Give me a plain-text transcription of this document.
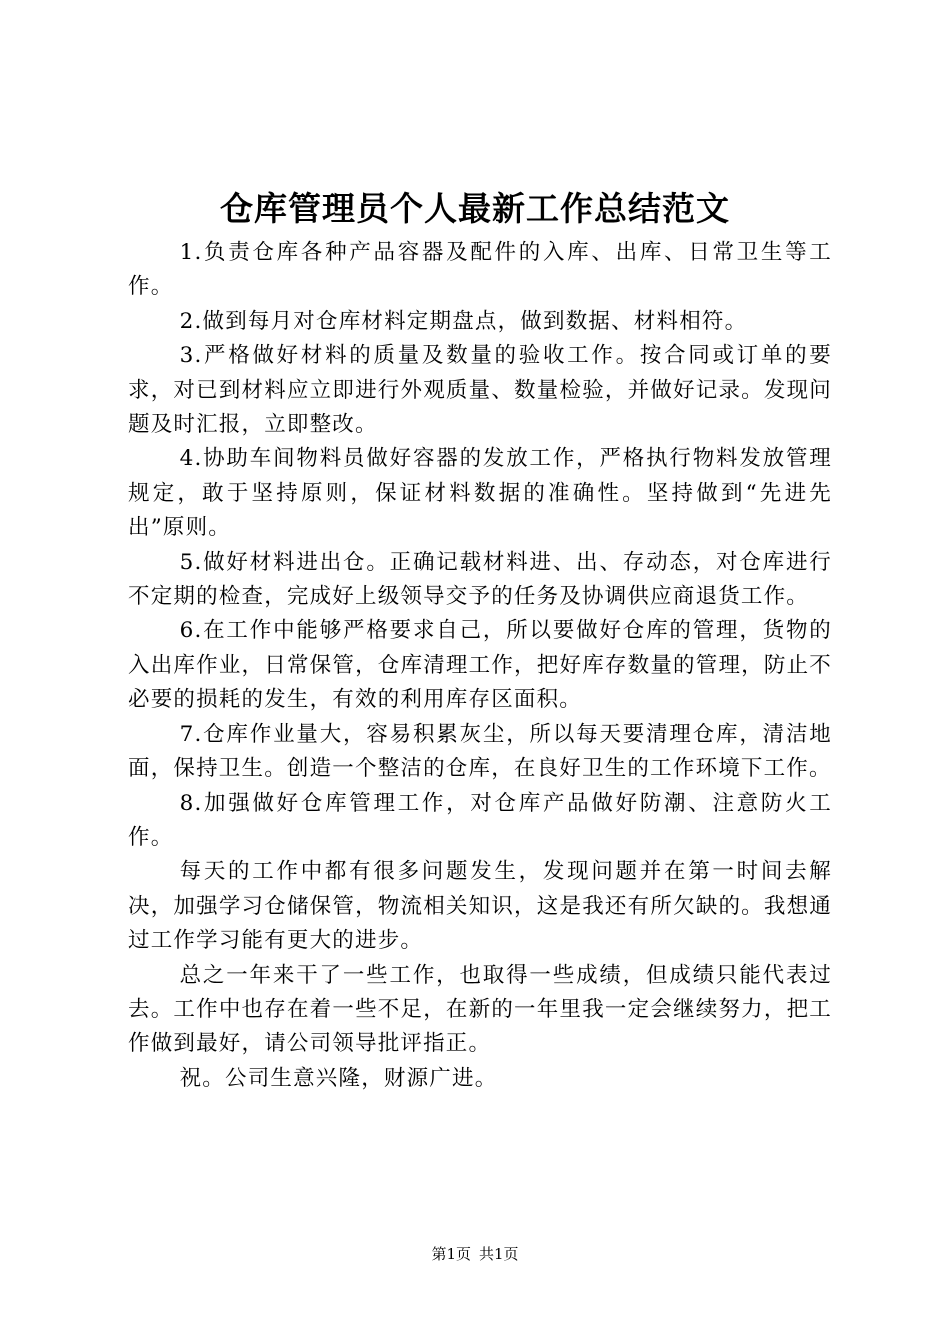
仓库管理员个人最新工作总结范文

1.负责仓库各种产品容器及配件的入库、出库、日常卫生等工作。

2.做到每月对仓库材料定期盘点，做到数据、材料相符。

3.严格做好材料的质量及数量的验收工作。按合同或订单的要求，对已到材料应立即进行外观质量、数量检验，并做好记录。发现问题及时汇报，立即整改。

4.协助车间物料员做好容器的发放工作，严格执行物料发放管理规定，敢于坚持原则，保证材料数据的准确性。坚持做到“先进先出”原则。

5.做好材料进出仓。正确记载材料进、出、存动态，对仓库进行不定期的检查，完成好上级领导交予的任务及协调供应商退货工作。

6.在工作中能够严格要求自己，所以要做好仓库的管理，货物的入出库作业，日常保管，仓库清理工作，把好库存数量的管理，防止不必要的损耗的发生，有效的利用库存区面积。

7.仓库作业量大，容易积累灰尘，所以每天要清理仓库，清洁地面，保持卫生。创造一个整洁的仓库，在良好卫生的工作环境下工作。

8.加强做好仓库管理工作，对仓库产品做好防潮、注意防火工作。

每天的工作中都有很多问题发生，发现问题并在第一时间去解决，加强学习仓储保管，物流相关知识，这是我还有所欠缺的。我想通过工作学习能有更大的进步。

总之一年来干了一些工作，也取得一些成绩，但成绩只能代表过去。工作中也存在着一些不足，在新的一年里我一定会继续努力，把工作做到最好，请公司领导批评指正。

祝。公司生意兴隆，财源广进。

第1页 共1页
